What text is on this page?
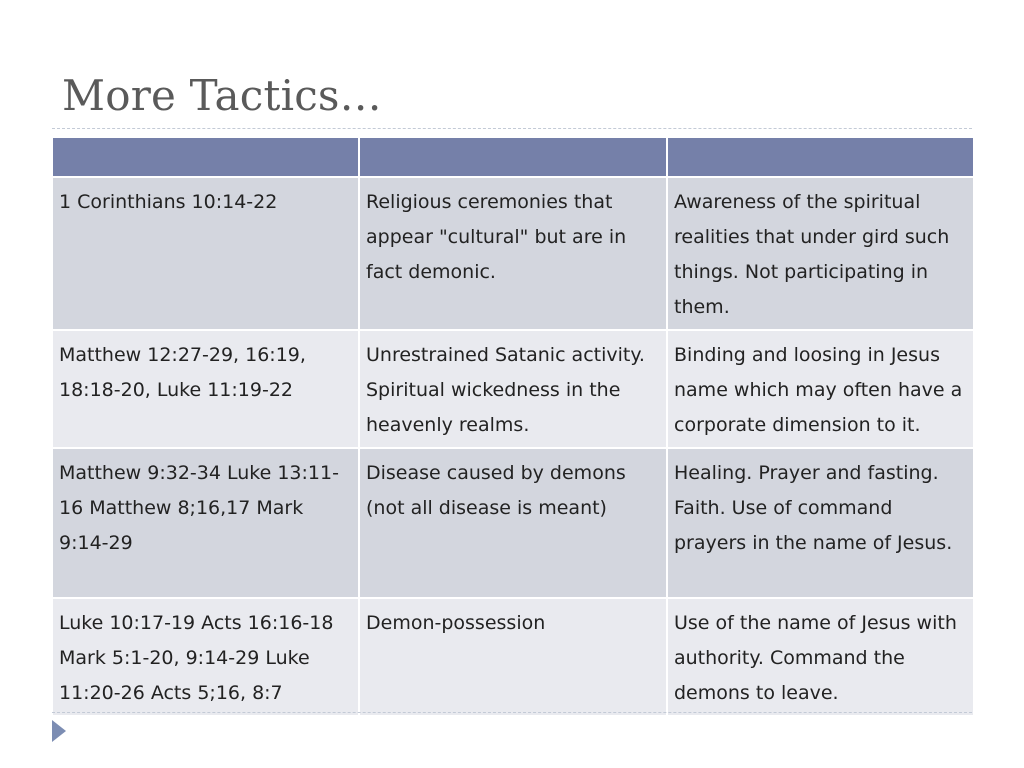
More Tactics…

1 Corinthians 10:14-22	Religious ceremonies that appear "cultural" but are in fact demonic.	Awareness of the spiritual realities that under gird such things. Not participating in them.
Matthew 12:27-29, 16:19, 18:18-20, Luke 11:19-22	Unrestrained Satanic activity. Spiritual wickedness in the heavenly realms.	Binding and loosing in Jesus name which may often have a corporate dimension to it.
Matthew 9:32-34 Luke 13:11-16 Matthew 8;16,17 Mark 9:14-29	Disease caused by demons (not all disease is meant)	Healing. Prayer and fasting. Faith. Use of command prayers in the name of Jesus.
Luke 10:17-19 Acts 16:16-18 Mark 5:1-20, 9:14-29 Luke 11:20-26 Acts 5;16, 8:7	Demon-possession	Use of the name of Jesus with authority. Command the demons to leave.
